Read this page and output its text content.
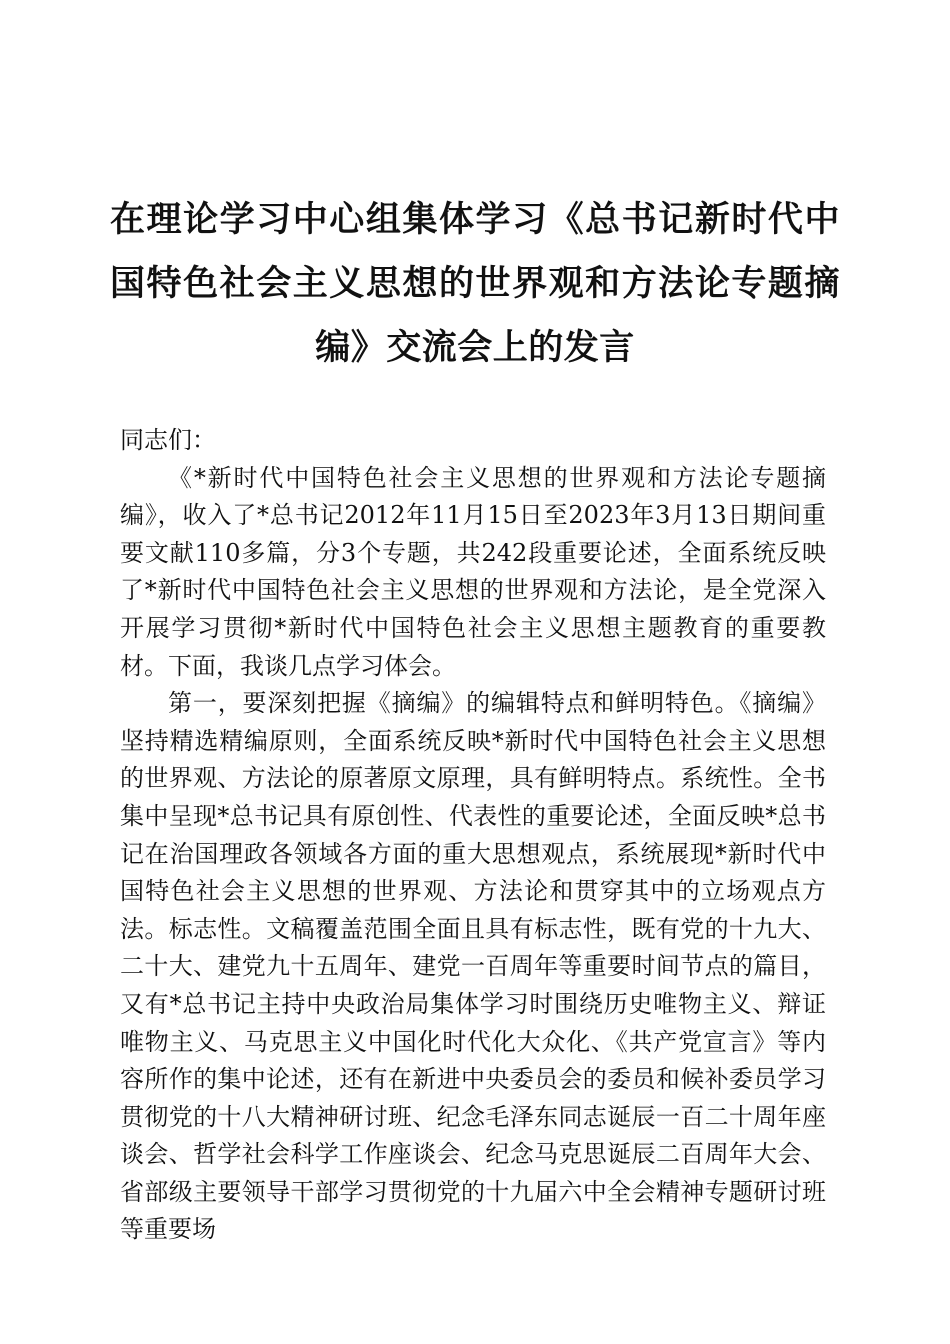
在理论学习中心组集体学习《总书记新时代中国特色社会主义思想的世界观和方法论专题摘编》交流会上的发言

同志们：

《*新时代中国特色社会主义思想的世界观和方法论专题摘编》，收入了*总书记2012年11月15日至2023年3月13日期间重要文献110多篇，分3个专题，共242段重要论述，全面系统反映了*新时代中国特色社会主义思想的世界观和方法论，是全党深入开展学习贯彻*新时代中国特色社会主义思想主题教育的重要教材。下面，我谈几点学习体会。

第一，要深刻把握《摘编》的编辑特点和鲜明特色。《摘编》坚持精选精编原则，全面系统反映*新时代中国特色社会主义思想的世界观、方法论的原著原文原理，具有鲜明特点。系统性。全书集中呈现*总书记具有原创性、代表性的重要论述，全面反映*总书记在治国理政各领域各方面的重大思想观点，系统展现*新时代中国特色社会主义思想的世界观、方法论和贯穿其中的立场观点方法。标志性。文稿覆盖范围全面且具有标志性，既有党的十九大、二十大、建党九十五周年、建党一百周年等重要时间节点的篇目，又有*总书记主持中央政治局集体学习时围绕历史唯物主义、辩证唯物主义、马克思主义中国化时代化大众化、《共产党宣言》等内容所作的集中论述，还有在新进中央委员会的委员和候补委员学习贯彻党的十八大精神研讨班、纪念毛泽东同志诞辰一百二十周年座谈会、哲学社会科学工作座谈会、纪念马克思诞辰二百周年大会、省部级主要领导干部学习贯彻党的十九届六中全会精神专题研讨班等重要场
